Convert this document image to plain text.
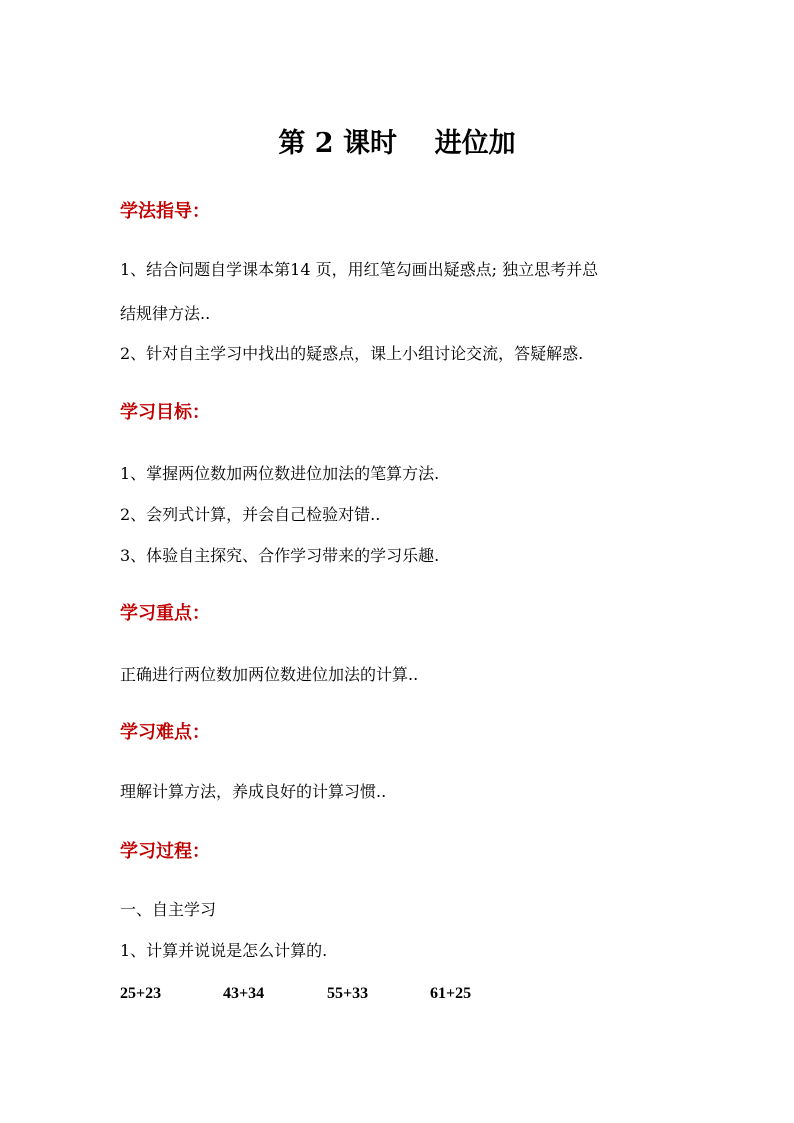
第 2 课时    进位加
学法指导：
1、结合问题自学课本第14 页，用红笔勾画出疑惑点; 独立思考并总
结规律方法..
2、针对自主学习中找出的疑惑点，课上小组讨论交流，答疑解惑.
学习目标：
1、掌握两位数加两位数进位加法的笔算方法.
2、会列式计算，并会自己检验对错..
3、体验自主探究、合作学习带来的学习乐趣.
学习重点：
正确进行两位数加两位数进位加法的计算..
学习难点：
理解计算方法，养成良好的计算习惯..
学习过程：
一、自主学习
1、计算并说说是怎么计算的.
25+23	43+34	55+33	61+25
